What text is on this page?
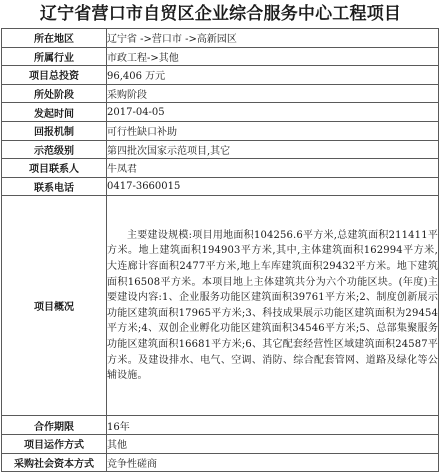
辽宁省营口市自贸区企业综合服务中心工程项目
所在地区	辽宁省 ->营口市 ->高新园区
所属行业	市政工程->其他
项目总投资	96,406 万元
所处阶段	采购阶段
发起时间	2017-04-05
回报机制	可行性缺口补助
示范级别	第四批次国家示范项目,其它
项目联系人	牛凤君
联系电话	0417-3660015
项目概况	主要建设规模:项目用地面积104256.6平方米,总建筑面积211411平方米。地上建筑面积194903平方米,其中,主体建筑面积162994平方米,大连廊计容面积2477平方米,地上车库建筑面积29432平方米。地下建筑面积16508平方米。本项目地上主体建筑共分为六个功能区块。(年度)主要建设内容:1、企业服务功能区建筑面积39761平方米;2、制度创新展示功能区建筑面积17965平方米;3、科技成果展示功能区建筑面积为29454平方米;4、双创企业孵化功能区建筑面积34546平方米;5、总部集聚服务功能区建筑面积16681平方米;6、其它配套经营性区域建筑面积24587平方米。及建设排水、电气、空调、消防、综合配套管网、道路及绿化等公辅设施。
合作期限	16年
项目运作方式	其他
采购社会资本方式	竞争性磋商
